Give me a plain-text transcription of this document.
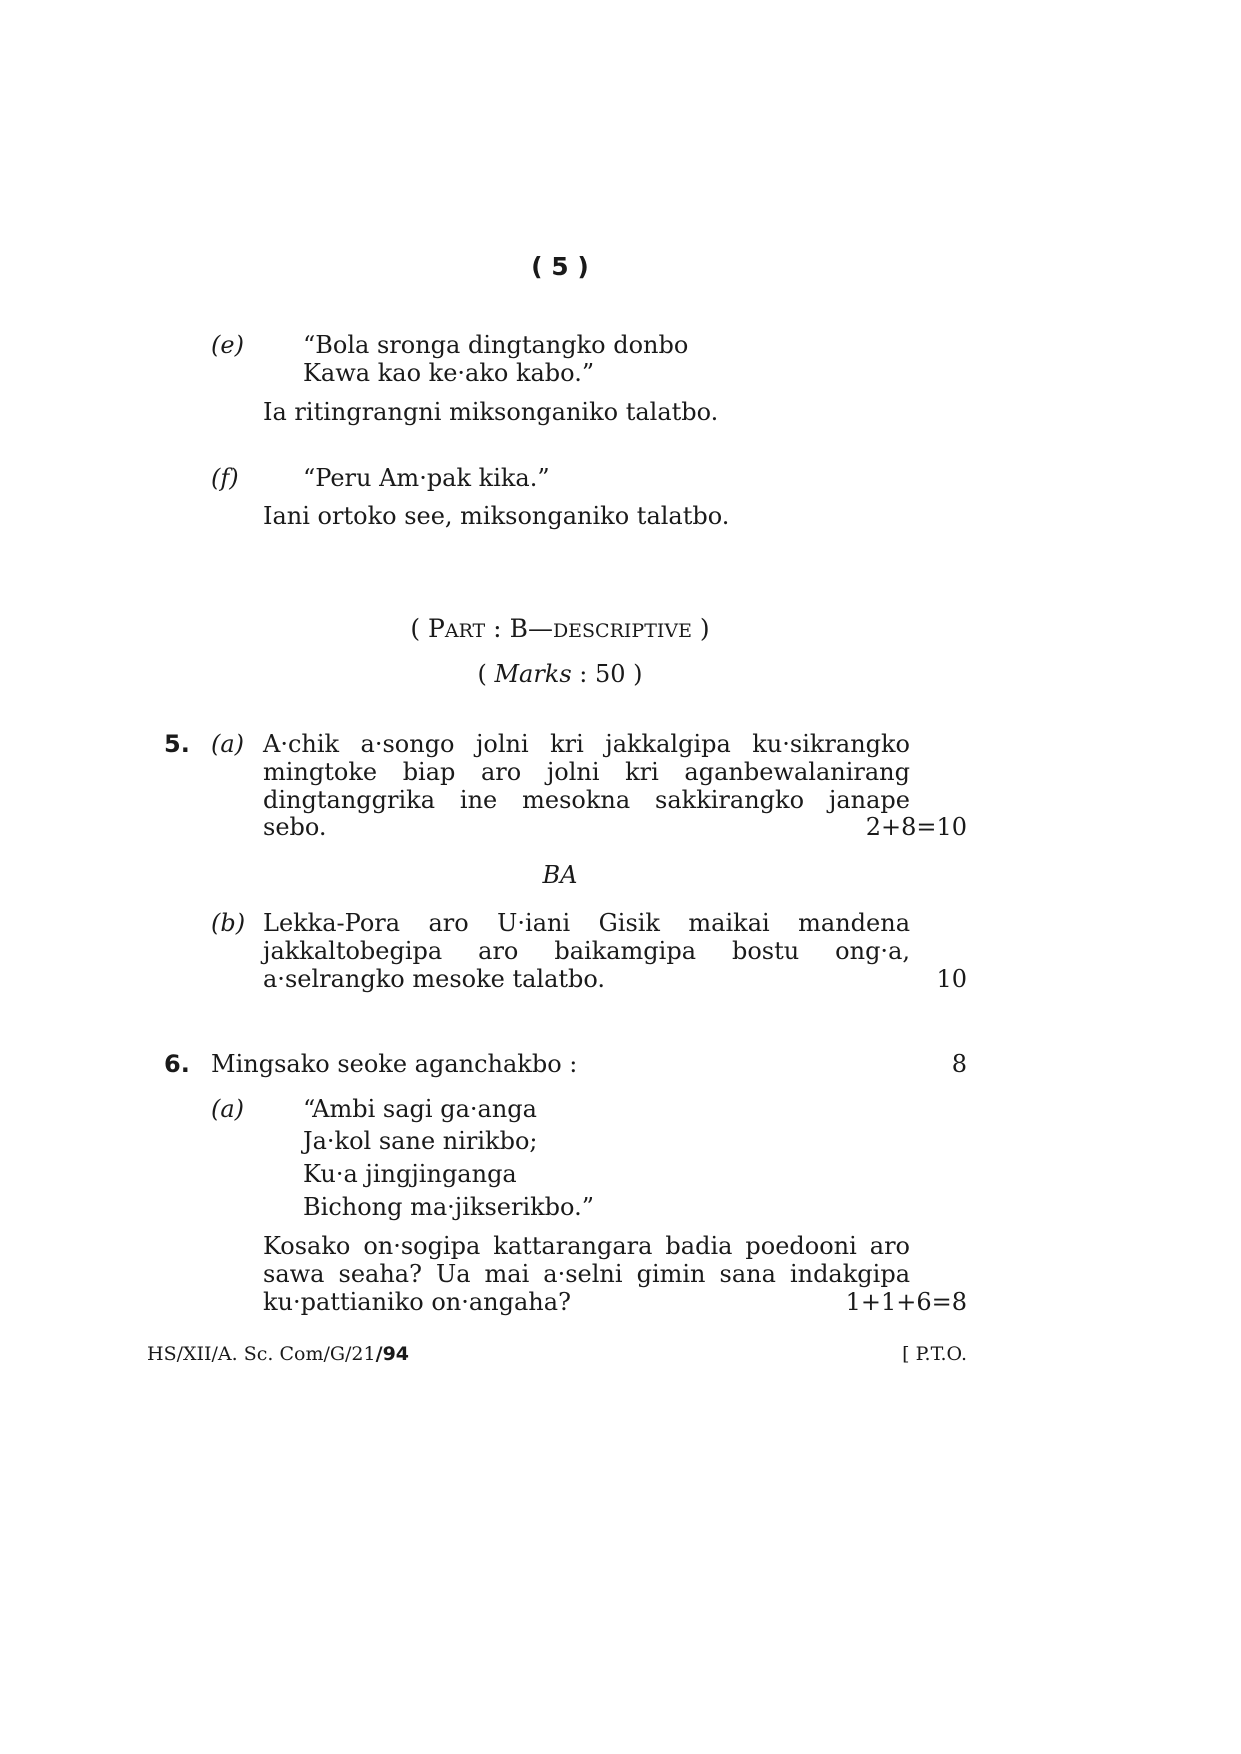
( 5 )
(e) “Bola sronga dingtangko donbo
Kawa kao ke·ako kabo.”
Ia ritingrangni miksonganiko talatbo.
(f)	“Peru Am·pak kika.”
Iani ortoko see, miksonganiko talatbo.
( PART : B—DESCRIPTIVE )
( Marks : 50 )
5. (a) A·chik a·songo jolni kri jakkalgipa ku·sikrangko
mingtoke biap aro jolni kri aganbewalanirang
dingtanggrika ine mesokna sakkirangko janape
sebo.	2+8=10
BA
(b) Lekka-Pora aro U·iani Gisik maikai mandena
jakkaltobegipa aro baikamgipa bostu ong·a,
a·selrangko mesoke talatbo.	10
6. Mingsako seoke aganchakbo :	8
(a) “Ambi sagi ga·anga
Ja·kol sane nirikbo;
Ku·a jingjinganga
Bichong ma·jikserikbo.”
Kosako on·sogipa kattarangara badia poedooni aro
sawa seaha? Ua mai a·selni gimin sana indakgipa
ku·pattianiko on·angaha?	1+1+6=8
HS/XII/A. Sc. Com/G/21/94	[ P.T.O.
